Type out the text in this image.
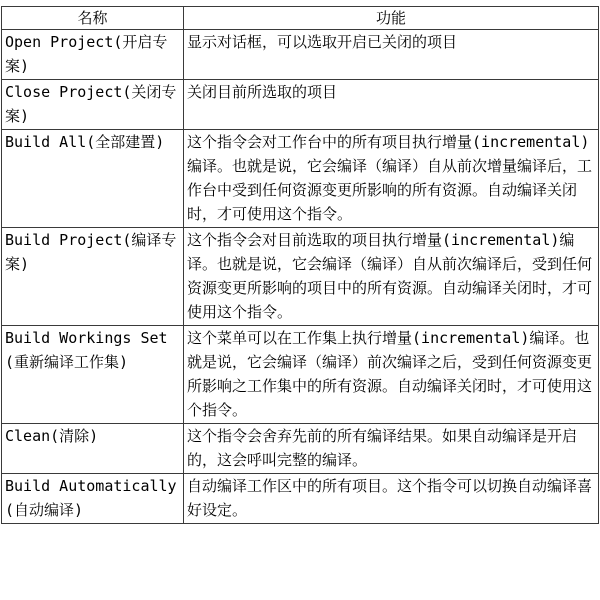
名称	功能
Open Project(开启专案)	显示对话框，可以选取开启已关闭的项目
Close Project(关闭专案)	关闭目前所选取的项目
Build All(全部建置)	这个指令会对工作台中的所有项目执行增量(incremental)编译。也就是说，它会编译（编译）自从前次增量编译后，工作台中受到任何资源变更所影响的所有资源。自动编译关闭时，才可使用这个指令。
Build Project(编译专案)	这个指令会对目前选取的项目执行增量(incremental)编译。也就是说，它会编译（编译）自从前次编译后，受到任何资源变更所影响的项目中的所有资源。自动编译关闭时，才可使用这个指令。
Build Workings Set(重新编译工作集)	这个菜单可以在工作集上执行增量(incremental)编译。也就是说，它会编译（编译）前次编译之后，受到任何资源变更所影响之工作集中的所有资源。自动编译关闭时，才可使用这个指令。
Clean(清除)	这个指令会舍弃先前的所有编译结果。如果自动编译是开启的，这会呼叫完整的编译。
Build Automatically(自动编译)	自动编译工作区中的所有项目。这个指令可以切换自动编译喜好设定。
